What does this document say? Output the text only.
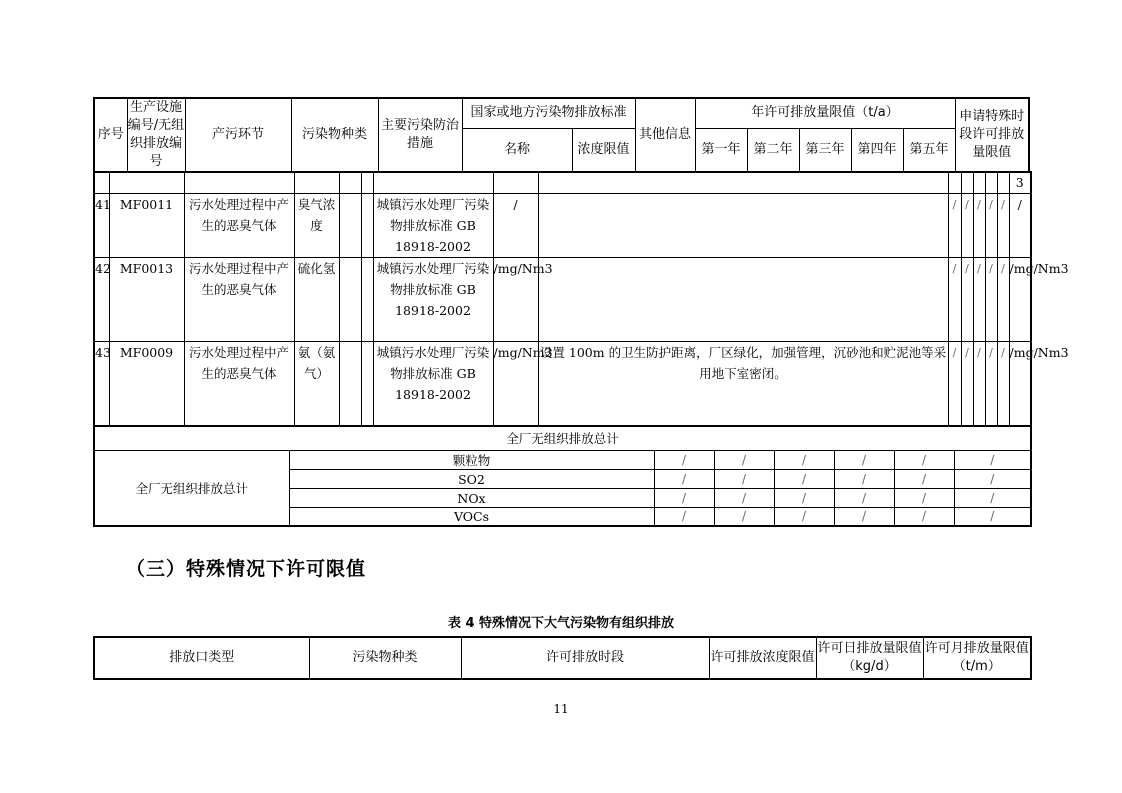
序号	生产设施编号/无组织排放编号	产污环节	污染物种类	主要污染防治措施	国家或地方污染物排放标准		其他信息	年许可排放量限值（t/a）					申请特殊时段许可排放量限值
					名称	浓度限值		第一年	第二年	第三年	第四年	第五年	
														3
41	MF0011	污水处理过程中产生的恶臭气体	臭气浓度			城镇污水处理厂污染物排放标准 GB 18918-2002	/		/	/	/	/	/	/
42	MF0013	污水处理过程中产生的恶臭气体	硫化氢			城镇污水处理厂污染物排放标准 GB 18918-2002	/mg/Nm3		/	/	/	/	/	/mg/Nm3
43	MF0009	污水处理过程中产生的恶臭气体	氨（氨气）			城镇污水处理厂污染物排放标准 GB 18918-2002	/mg/Nm3	设置 100m 的卫生防护距离，厂区绿化，加强管理，沉砂池和贮泥池等采用地下室密闭。	/	/	/	/	/	/mg/Nm3
全厂无组织排放总计							
全厂无组织排放总计	颗粒物	/	/	/	/	/	/
	SO2	/	/	/	/	/	/
	NOx	/	/	/	/	/	/
	VOCs	/	/	/	/	/	/
（三）特殊情况下许可限值
表 4 特殊情况下大气污染物有组织排放
排放口类型	污染物种类	许可排放时段	许可排放浓度限值	许可日排放量限值（kg/d）	许可月排放量限值（t/m）
11
